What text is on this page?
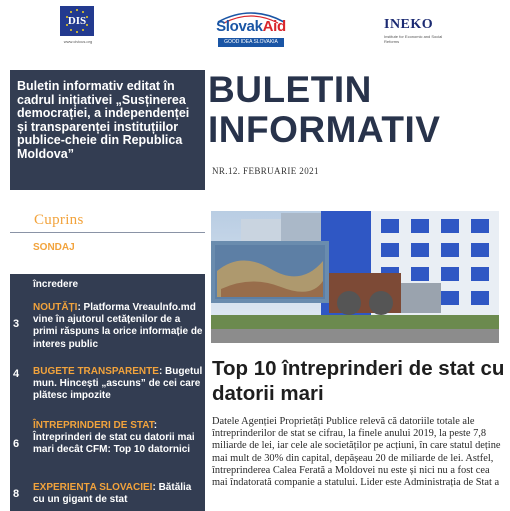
DIS
www.civicus.org
SlovakAid
GOOD IDEA SLOVAKIA
INEKO
Institute for Economic and Social Reforms
Buletin informativ editat în cadrul inițiativei „Susținerea democrației, a independenței și transparenței instituțiilor publice-cheie din Republica Moldova”
Cuprins
2
SONDAJ: Biserica, Primăria și Președinția - instituțiile în care moldovenii au cea mai mare încredere
3
NOUTĂȚI: Platforma Vreaulnfo.md vine în ajutorul cetățenilor de a primi răspuns la orice informație de interes public
4 BUGETE TRANSPARENTE: Bugetul mun. Hincești „ascuns” de cei care plătesc impozite
6
ÎNTREPRINDERI DE STAT: Întreprinderi de stat cu datorii mai mari decât CFM: Top 10 datornici
8
EXPERIENȚA SLOVACIEI: Bătălia cu un gigant de stat
BULETIN
INFORMATIV
NR.12. FEBRUARIE 2021
Top 10 întreprinderi de stat cu datorii mari
Datele Agenției Proprietăți Publice relevă că datoriile totale ale întreprinderilor de stat se cifrau, la finele anului 2019, la peste 7,8 miliarde de lei, iar cele ale societăților pe acțiuni, în care statul deține mai mult de 30% din capital, depășeau 20 de miliarde de lei. Astfel, întreprinderea Calea Ferată a Moldovei nu este și nici nu a fost cea mai îndatorată companie a statului. Lider este Administrația de Stat a
